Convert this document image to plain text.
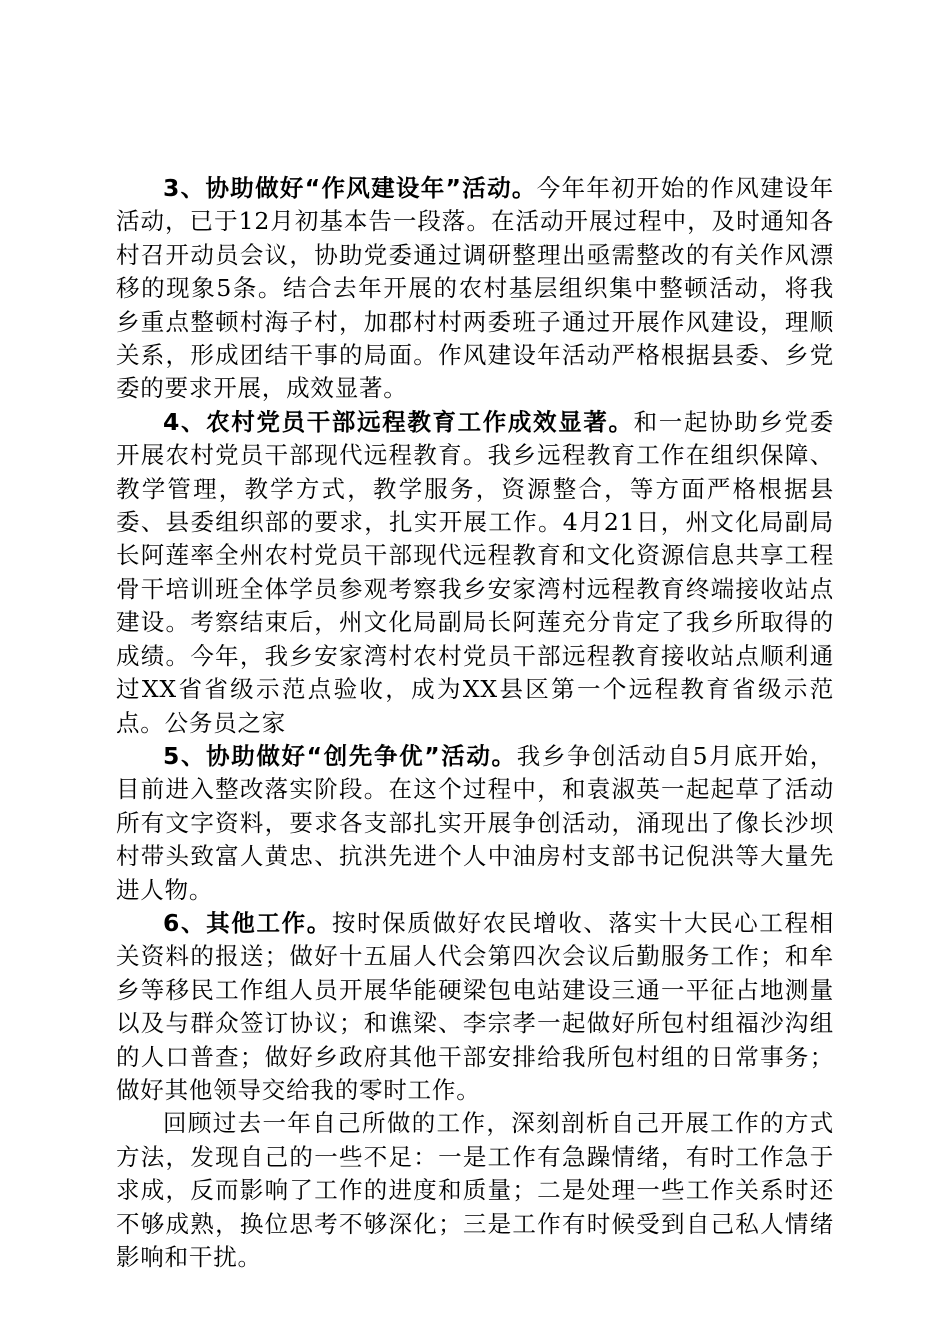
3、协助做好“作风建设年”活动。今年年初开始的作风建设年活动，已于12月初基本告一段落。在活动开展过程中，及时通知各村召开动员会议，协助党委通过调研整理出亟需整改的有关作风漂移的现象5条。结合去年开展的农村基层组织集中整顿活动，将我乡重点整顿村海子村，加郡村村两委班子通过开展作风建设，理顺关系，形成团结干事的局面。作风建设年活动严格根据县委、乡党委的要求开展，成效显著。

4、农村党员干部远程教育工作成效显著。和一起协助乡党委开展农村党员干部现代远程教育。我乡远程教育工作在组织保障、教学管理，教学方式，教学服务，资源整合，等方面严格根据县委、县委组织部的要求，扎实开展工作。4月21日，州文化局副局长阿莲率全州农村党员干部现代远程教育和文化资源信息共享工程骨干培训班全体学员参观考察我乡安家湾村远程教育终端接收站点建设。考察结束后，州文化局副局长阿莲充分肯定了我乡所取得的成绩。今年，我乡安家湾村农村党员干部远程教育接收站点顺利通过XX省省级示范点验收，成为XX县区第一个远程教育省级示范点。公务员之家

5、协助做好“创先争优”活动。我乡争创活动自5月底开始，目前进入整改落实阶段。在这个过程中，和袁淑英一起起草了活动所有文字资料，要求各支部扎实开展争创活动，涌现出了像长沙坝村带头致富人黄忠、抗洪先进个人中油房村支部书记倪洪等大量先进人物。

6、其他工作。按时保质做好农民增收、落实十大民心工程相关资料的报送；做好十五届人代会第四次会议后勤服务工作；和牟乡等移民工作组人员开展华能硬梁包电站建设三通一平征占地测量以及与群众签订协议；和谯梁、李宗孝一起做好所包村组福沙沟组的人口普查；做好乡政府其他干部安排给我所包村组的日常事务；做好其他领导交给我的零时工作。

回顾过去一年自己所做的工作，深刻剖析自己开展工作的方式方法，发现自己的一些不足：一是工作有急躁情绪，有时工作急于求成，反而影响了工作的进度和质量；二是处理一些工作关系时还不够成熟，换位思考不够深化；三是工作有时候受到自己私人情绪影响和干扰。
